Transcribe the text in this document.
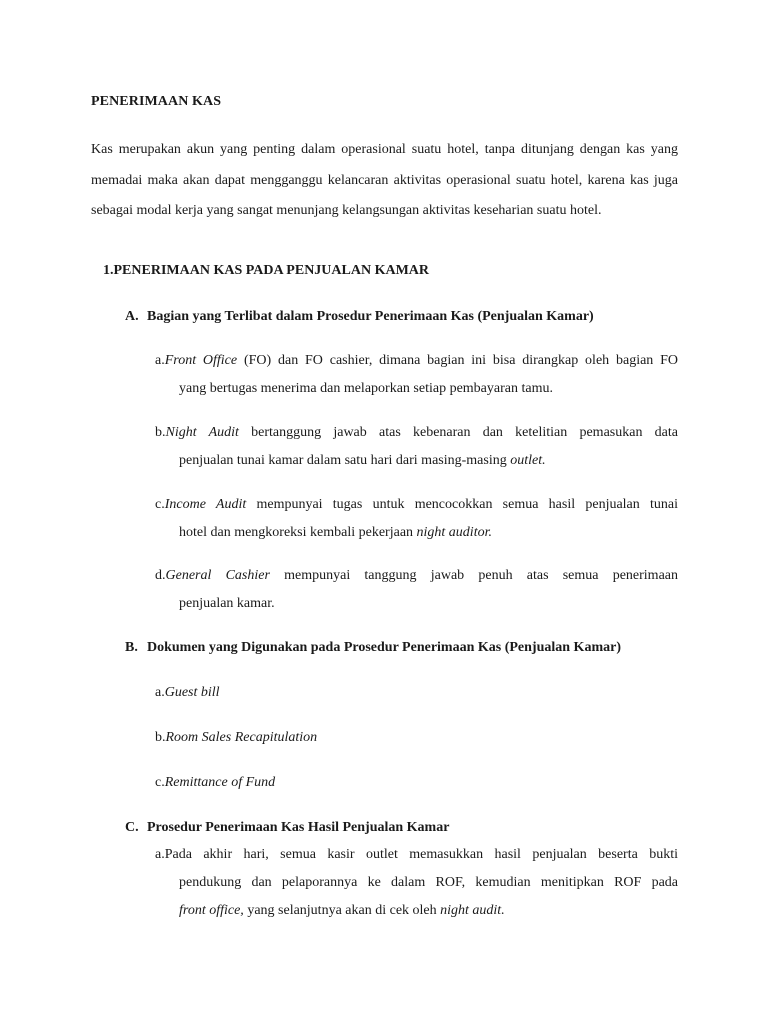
PENERIMAAN KAS
Kas merupakan akun yang penting dalam operasional suatu hotel, tanpa ditunjang dengan kas yang memadai maka akan dapat mengganggu kelancaran aktivitas operasional suatu hotel, karena kas juga sebagai modal kerja yang sangat menunjang kelangsungan aktivitas keseharian suatu hotel.
1.PENERIMAAN KAS PADA PENJUALAN KAMAR
A. Bagian yang Terlibat dalam Prosedur Penerimaan Kas (Penjualan Kamar)
a.Front Office (FO) dan FO cashier, dimana bagian ini bisa dirangkap oleh bagian FO
yang bertugas menerima dan melaporkan setiap pembayaran tamu.
b.Night Audit bertanggung jawab atas kebenaran dan ketelitian pemasukan data
penjualan tunai kamar dalam satu hari dari masing-masing outlet.
c.Income Audit mempunyai tugas untuk mencocokkan semua hasil penjualan tunai
hotel dan mengkoreksi kembali pekerjaan night auditor.
d.General Cashier mempunyai tanggung jawab penuh atas semua penerimaan
penjualan kamar.
B. Dokumen yang Digunakan pada Prosedur Penerimaan Kas (Penjualan Kamar)
a.Guest bill
b.Room Sales Recapitulation
c.Remittance of Fund
C. Prosedur Penerimaan Kas Hasil Penjualan Kamar
a.Pada akhir hari, semua kasir outlet memasukkan hasil penjualan beserta bukti
pendukung dan pelaporannya ke dalam ROF, kemudian menitipkan ROF pada
front office, yang selanjutnya akan di cek oleh night audit.
